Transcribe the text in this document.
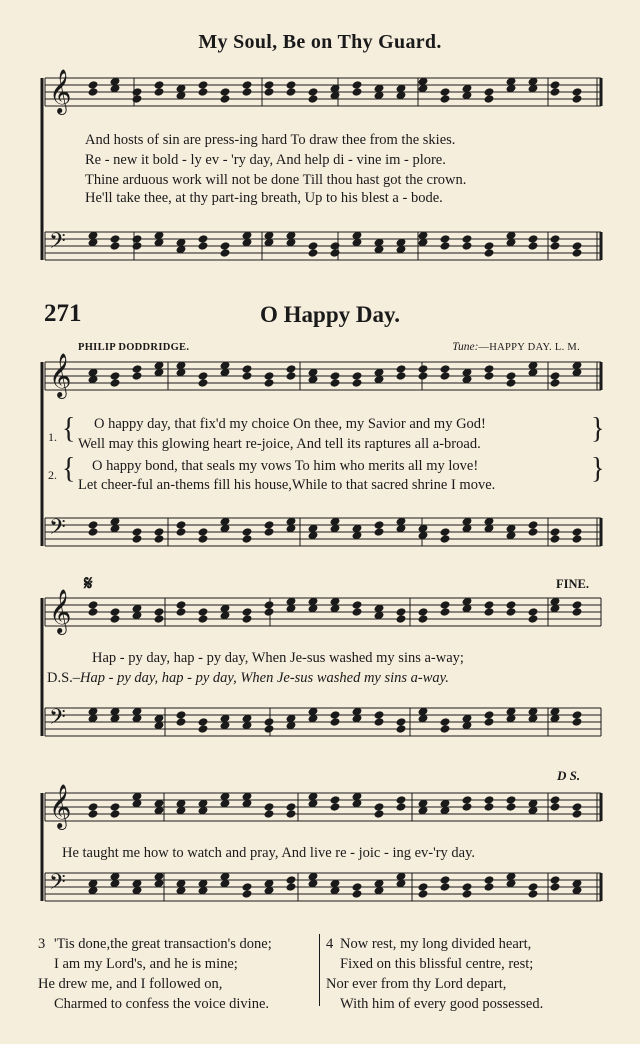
𝄞
𝄢
𝄞
𝄢
𝄞
𝄢
𝄞
𝄢
My Soul, Be on Thy Guard.
And hosts of sin are press-ing hard To draw thee from the skies.
Re - new it bold - ly ev - 'ry day, And help di - vine im - plore.
Thine arduous work will not be done Till thou hast got the crown.
He'll take thee, at thy part-ing breath, Up to his blest a - bode.
271	O Happy Day.
PHILIP DODDRIDGE.	Tune:—HAPPY DAY. L. M.
1.
2.
{
{
}
}
O happy day, that fix'd my choice On thee, my Savior and my God!
Well may this glowing heart re-joice, And tell its raptures all a-broad.
O happy bond, that seals my vows To him who merits all my love!
Let cheer-ful an-thems fill his house,While to that sacred shrine I move.
𝄋	FINE.
Hap - py day, hap - py day, When Je-sus washed my sins a-way;
D.S.–Hap - py day, hap - py day, When Je-sus washed my sins a-way.
D S.
He taught me how to watch and pray, And live re - joic - ing ev-'ry day.
3 'Tis done,the great transaction's done;
I am my Lord's, and he is mine;
He drew me, and I followed on,
Charmed to confess the voice divine.
4 Now rest, my long divided heart,
Fixed on this blissful centre, rest;
Nor ever from thy Lord depart,
With him of every good possessed.
